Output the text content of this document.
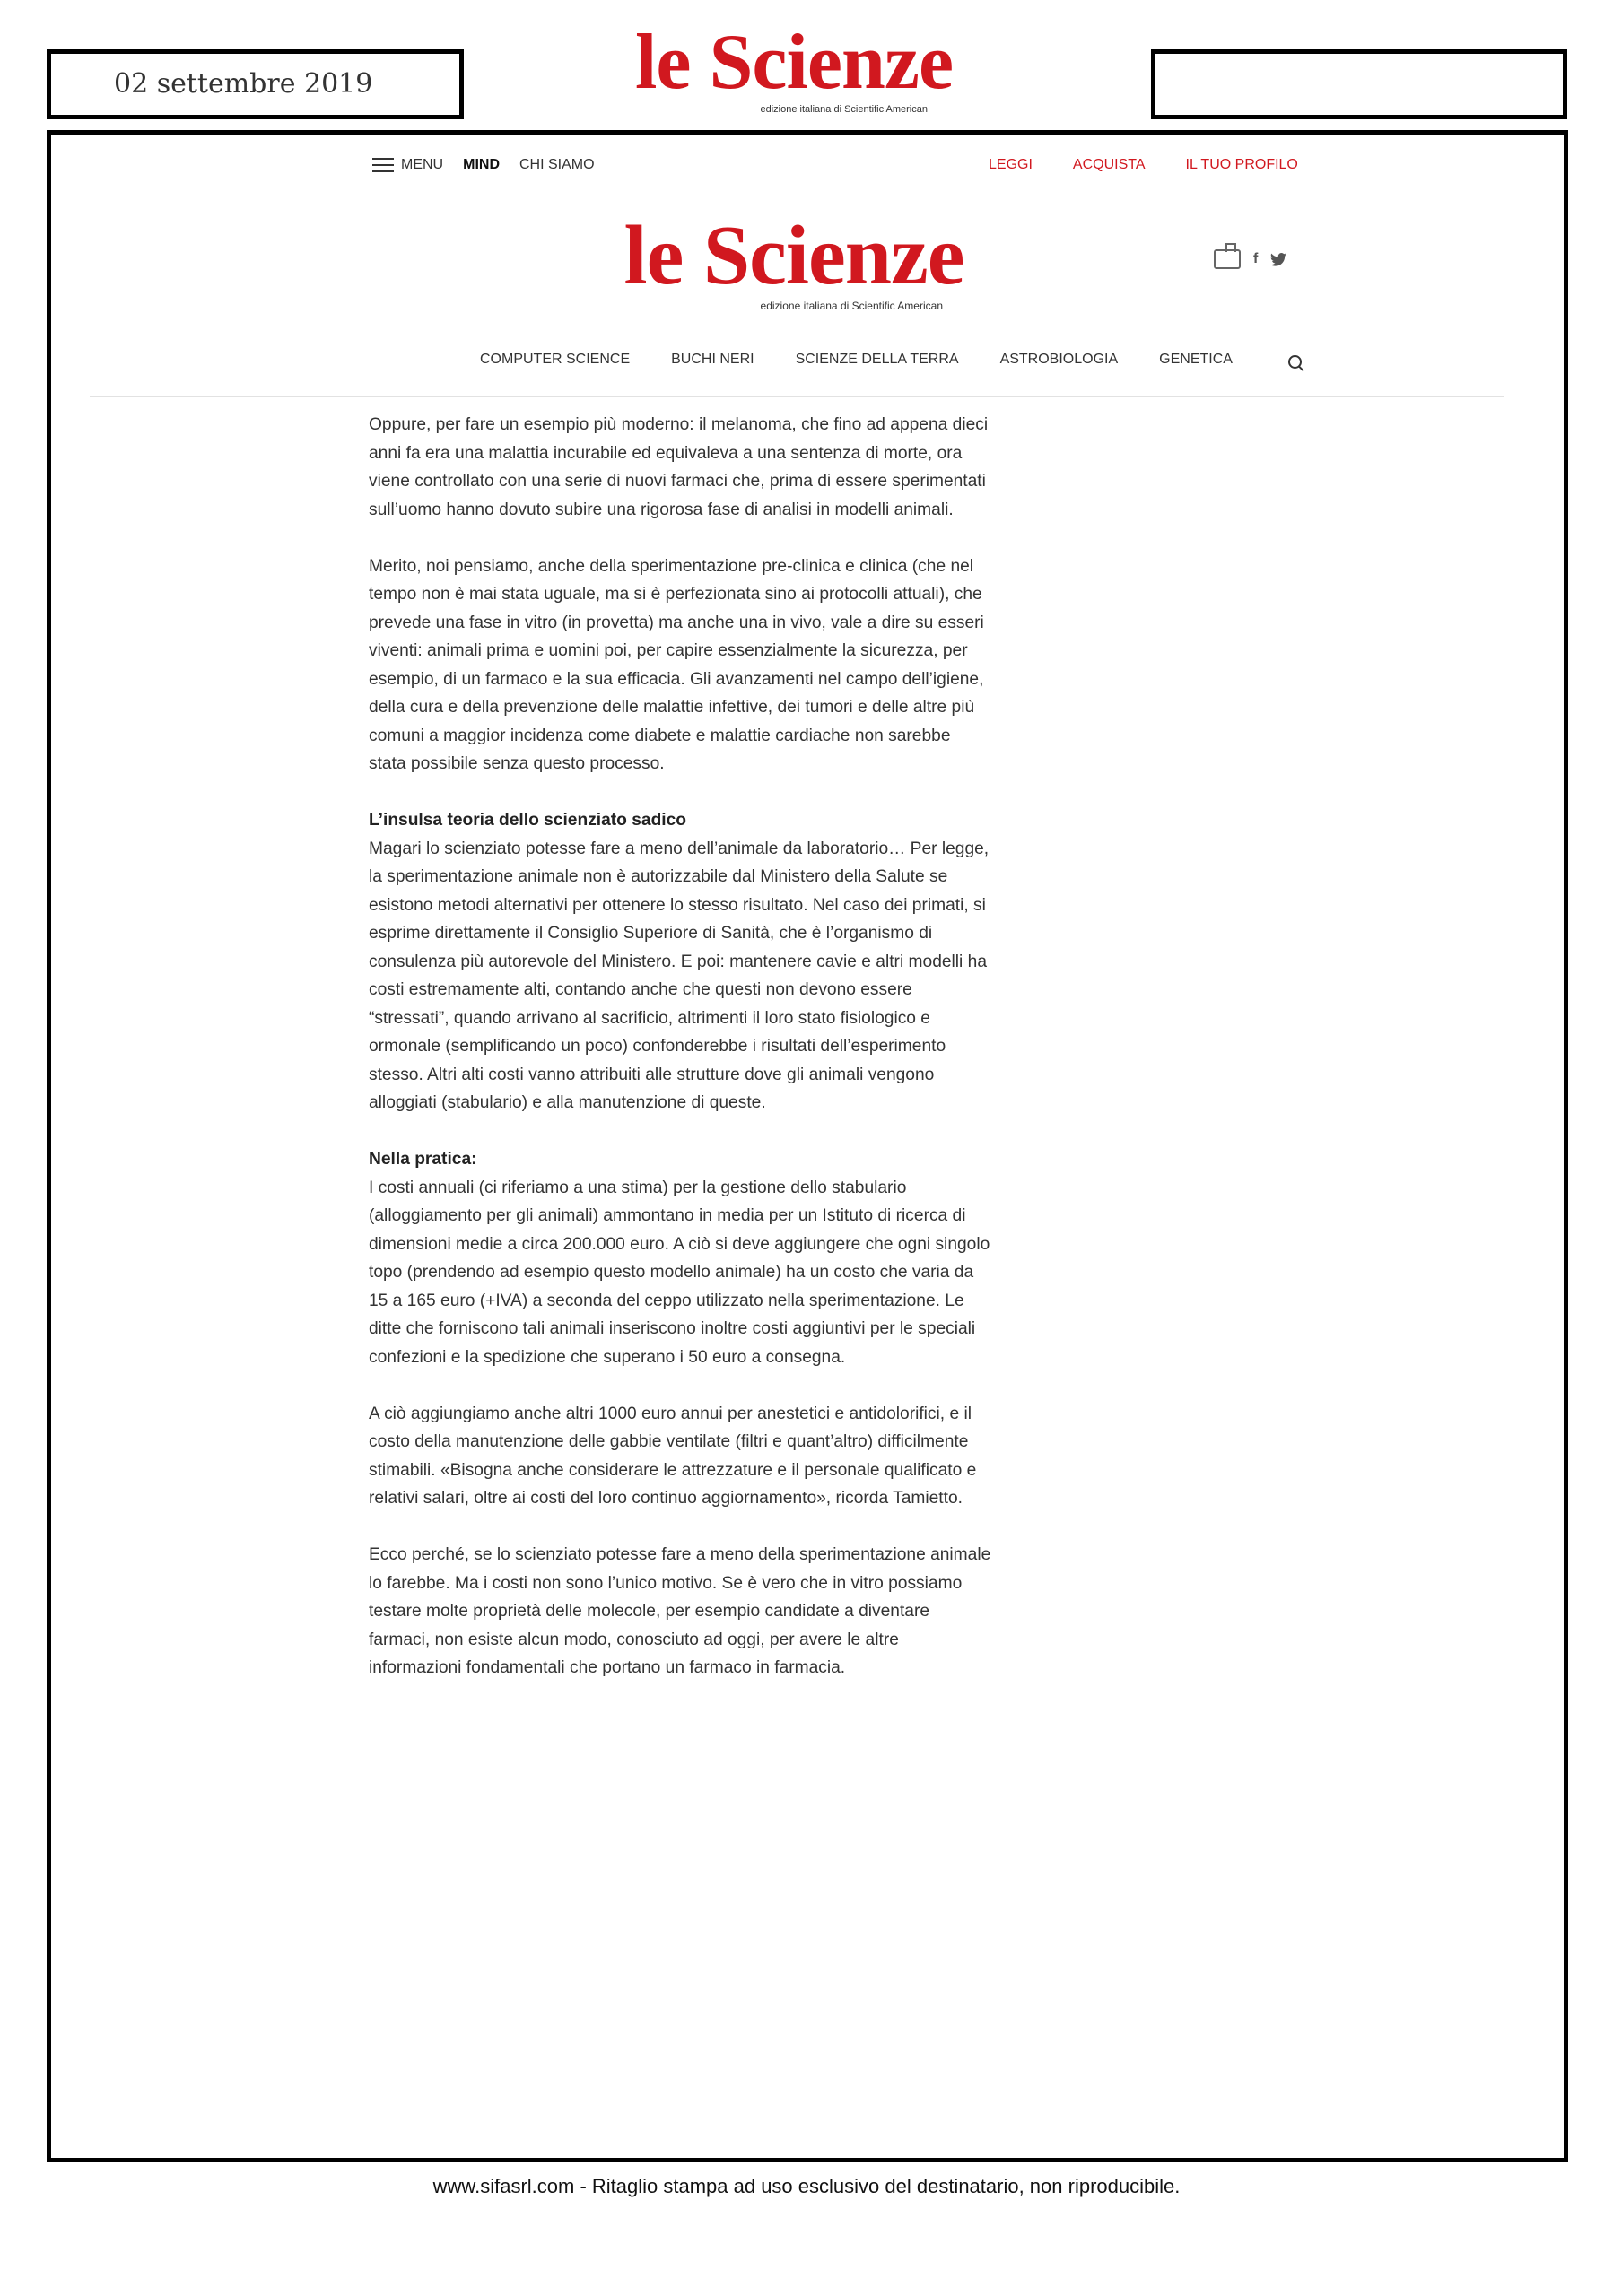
02 settembre 2019	le Scienze
edizione italiana di Scientific American
MENU MIND CHI SIAMO	LEGGI	ACQUISTA	IL TUO PROFILO
le Scienze
edizione italiana di Scientific American
f
COMPUTER SCIENCE	BUCHI NERI	SCIENZE DELLA TERRA	ASTROBIOLOGIA	GENETICA

Oppure, per fare un esempio più moderno: il melanoma, che fino ad appena dieci anni fa era una malattia incurabile ed equivaleva a una sentenza di morte, ora viene controllato con una serie di nuovi farmaci che, prima di essere sperimentati sull’uomo hanno dovuto subire una rigorosa fase di analisi in modelli animali.

Merito, noi pensiamo, anche della sperimentazione pre-clinica e clinica (che nel tempo non è mai stata uguale, ma si è perfezionata sino ai protocolli attuali), che prevede una fase in vitro (in provetta) ma anche una in vivo, vale a dire su esseri viventi: animali prima e uomini poi, per capire essenzialmente la sicurezza, per esempio, di un farmaco e la sua efficacia. Gli avanzamenti nel campo dell’igiene, della cura e della prevenzione delle malattie infettive, dei tumori e delle altre più comuni a maggior incidenza come diabete e malattie cardiache non sarebbe stata possibile senza questo processo.

L’insulsa teoria dello scienziato sadico

Magari lo scienziato potesse fare a meno dell’animale da laboratorio… Per legge, la sperimentazione animale non è autorizzabile dal Ministero della Salute se esistono metodi alternativi per ottenere lo stesso risultato. Nel caso dei primati, si esprime direttamente il Consiglio Superiore di Sanità, che è l’organismo di consulenza più autorevole del Ministero. E poi: mantenere cavie e altri modelli ha costi estremamente alti, contando anche che questi non devono essere “stressati”, quando arrivano al sacrificio, altrimenti il loro stato fisiologico e ormonale (semplificando un poco) confonderebbe i risultati dell’esperimento stesso. Altri alti costi vanno attribuiti alle strutture dove gli animali vengono alloggiati (stabulario) e alla manutenzione di queste.

Nella pratica:

I costi annuali (ci riferiamo a una stima) per la gestione dello stabulario (alloggiamento per gli animali) ammontano in media per un Istituto di ricerca di dimensioni medie a circa 200.000 euro. A ciò si deve aggiungere che ogni singolo topo (prendendo ad esempio questo modello animale) ha un costo che varia da 15 a 165 euro (+IVA) a seconda del ceppo utilizzato nella sperimentazione. Le ditte che forniscono tali animali inseriscono inoltre costi aggiuntivi per le speciali confezioni e la spedizione che superano i 50 euro a consegna.

A ciò aggiungiamo anche altri 1000 euro annui per anestetici e antidolorifici, e il costo della manutenzione delle gabbie ventilate (filtri e quant’altro) difficilmente stimabili. «Bisogna anche considerare le attrezzature e il personale qualificato e relativi salari, oltre ai costi del loro continuo aggiornamento», ricorda Tamietto.

Ecco perché, se lo scienziato potesse fare a meno della sperimentazione animale lo farebbe. Ma i costi non sono l’unico motivo. Se è vero che in vitro possiamo testare molte proprietà delle molecole, per esempio candidate a diventare farmaci, non esiste alcun modo, conosciuto ad oggi, per avere le altre informazioni fondamentali che portano un farmaco in farmacia.

www.sifasrl.com - Ritaglio stampa ad uso esclusivo del destinatario, non riproducibile.
